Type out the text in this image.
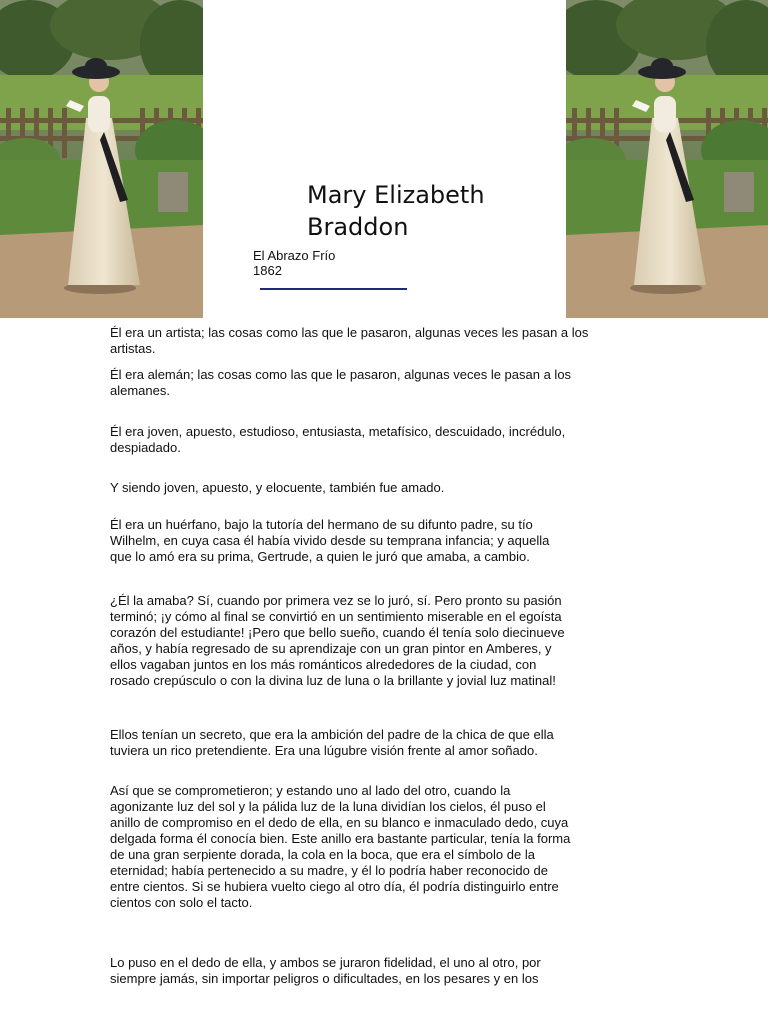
Mary Elizabeth Braddon

El Abrazo Frío

1862

Él era un artista; las cosas como las que le pasaron, algunas veces les pasan a los
artistas.

Él era alemán; las cosas como las que le pasaron, algunas veces le pasan a los
alemanes.

Él era joven, apuesto, estudioso, entusiasta, metafísico, descuidado, incrédulo,
despiadado.

Y siendo joven, apuesto, y elocuente, también fue amado.

Él era un huérfano, bajo la tutoría del hermano de su difunto padre, su tío
Wilhelm, en cuya casa él había vivido desde su temprana infancia; y aquella
que lo amó era su prima, Gertrude, a quien le juró que amaba, a cambio.

¿Él la amaba? Sí, cuando por primera vez se lo juró, sí. Pero pronto su pasión
terminó; ¡y cómo al final se convirtió en un sentimiento miserable en el egoísta
corazón del estudiante! ¡Pero que bello sueño, cuando él tenía solo diecinueve
años, y había regresado de su aprendizaje con un gran pintor en Amberes, y
ellos vagaban juntos en los más románticos alrededores de la ciudad, con
rosado crepúsculo o con la divina luz de luna o la brillante y jovial luz matinal!

Ellos tenían un secreto, que era la ambición del padre de la chica de que ella
tuviera un rico pretendiente. Era una lúgubre visión frente al amor soñado.

Así que se comprometieron; y estando uno al lado del otro, cuando la
agonizante luz del sol y la pálida luz de la luna dividían los cielos, él puso el
anillo de compromiso en el dedo de ella, en su blanco e inmaculado dedo, cuya
delgada forma él conocía bien. Este anillo era bastante particular, tenía la forma
de una gran serpiente dorada, la cola en la boca, que era el símbolo de la
eternidad; había pertenecido a su madre, y él lo podría haber reconocido de
entre cientos. Si se hubiera vuelto ciego al otro día, él podría distinguirlo entre
cientos con solo el tacto.

Lo puso en el dedo de ella, y ambos se juraron fidelidad, el uno al otro, por
siempre jamás, sin importar peligros o dificultades, en los pesares y en los
